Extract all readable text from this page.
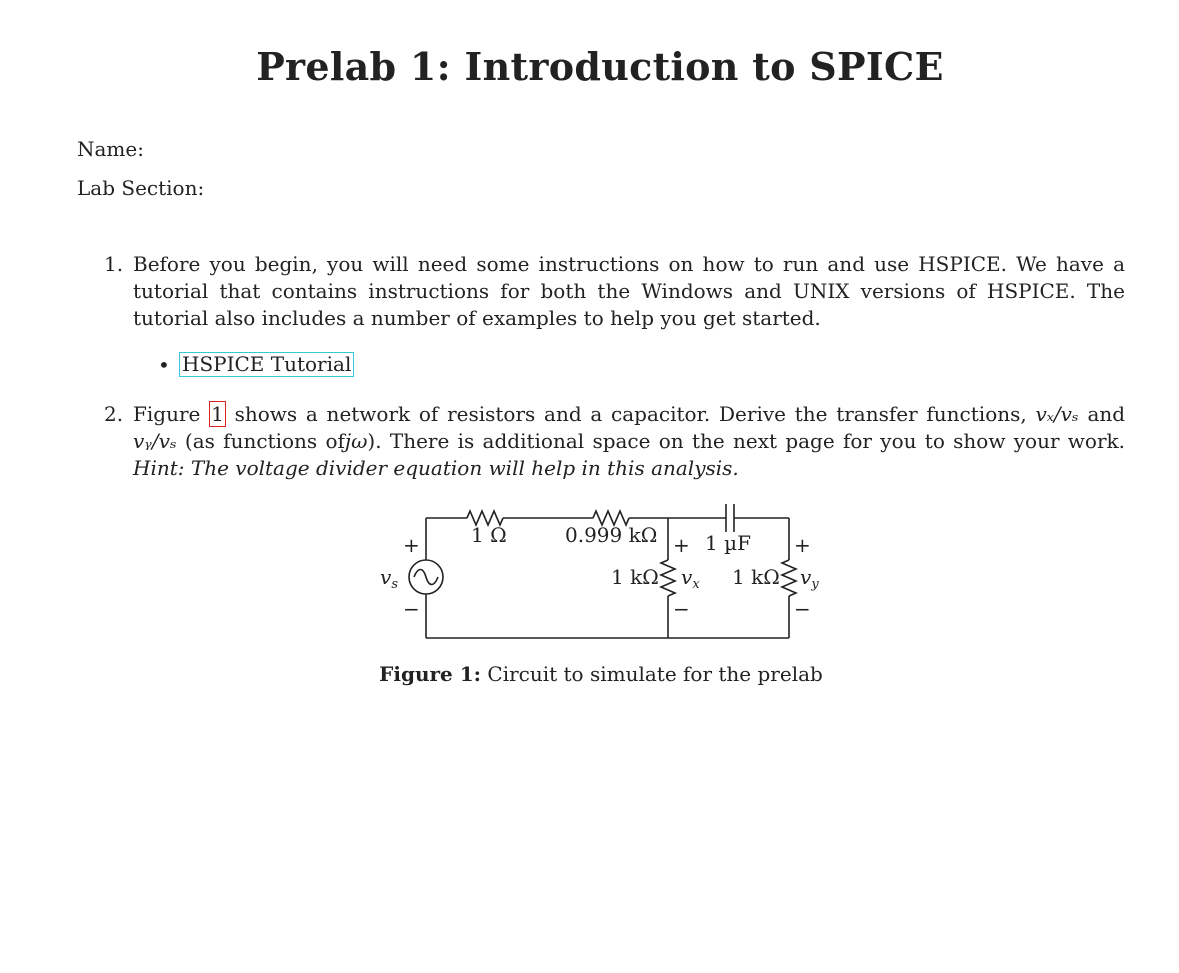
Prelab 1: Introduction to SPICE
Name:
Lab Section:
1. Before you begin, you will need some instructions on how to run and use HSPICE. We have a tutorial that contains instructions for both the Windows and UNIX versions of HSPICE. The tutorial also includes a number of examples to help you get started.
• HSPICE Tutorial
2. Figure 1 shows a network of resistors and a capacitor. Derive the transfer functions, vₓ/vₛ and vᵧ/vₛ (as functions ofjω). There is additional space on the next page for you to show your work. Hint: The voltage divider equation will help in this analysis.
1 Ω	0.999 kΩ 1 µF
1 kΩ	1 kΩ
+
−
$v_s$
+
−
$v_x$
+
−
$v_y$
Figure 1: Circuit to simulate for the prelab
